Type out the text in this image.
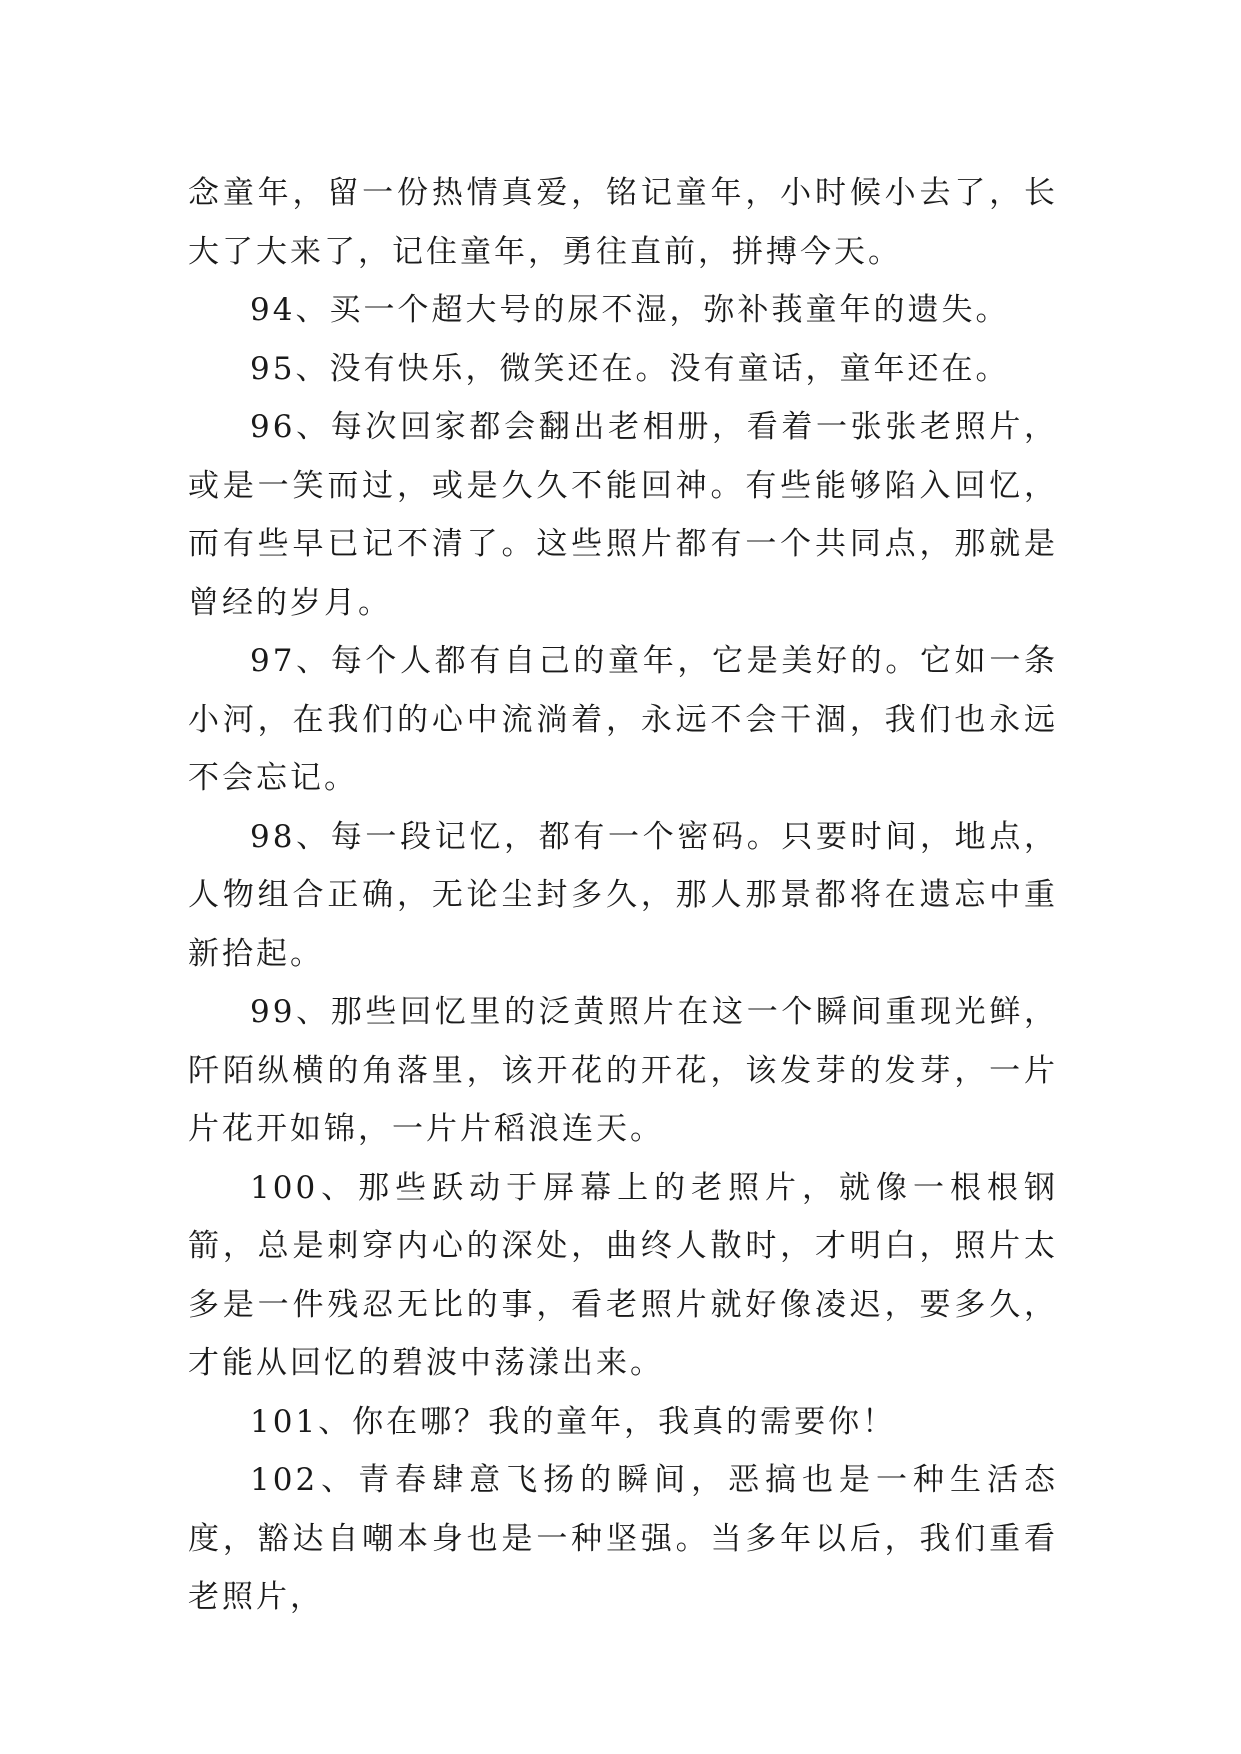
念童年，留一份热情真爱，铭记童年，小时候小去了，长大了大来了，记住童年，勇往直前，拼搏今天。

94、买一个超大号的尿不湿，弥补莪童年的遗失。

95、没有快乐，微笑还在。没有童话，童年还在。

96、每次回家都会翻出老相册，看着一张张老照片，或是一笑而过，或是久久不能回神。有些能够陷入回忆，而有些早已记不清了。这些照片都有一个共同点，那就是曾经的岁月。

97、每个人都有自己的童年，它是美好的。它如一条小河，在我们的心中流淌着，永远不会干涸，我们也永远不会忘记。

98、每一段记忆，都有一个密码。只要时间，地点，人物组合正确，无论尘封多久，那人那景都将在遗忘中重新拾起。

99、那些回忆里的泛黄照片在这一个瞬间重现光鲜，阡陌纵横的角落里，该开花的开花，该发芽的发芽，一片片花开如锦，一片片稻浪连天。

100、那些跃动于屏幕上的老照片，就像一根根钢箭，总是刺穿内心的深处，曲终人散时，才明白，照片太多是一件残忍无比的事，看老照片就好像凌迟，要多久，才能从回忆的碧波中荡漾出来。

101、你在哪？我的童年，我真的需要你！

102、青春肆意飞扬的瞬间，恶搞也是一种生活态度，豁达自嘲本身也是一种坚强。当多年以后，我们重看老照片，
